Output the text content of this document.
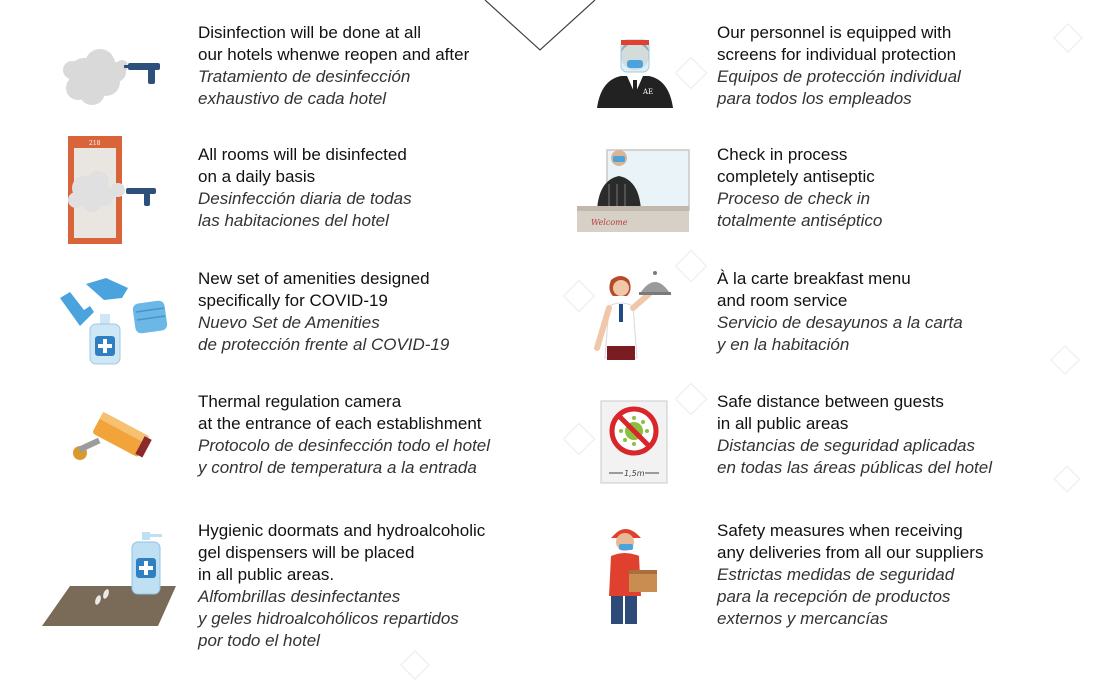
Disinfection will be done at all

our hotels whenwe reopen and after

Tratamiento de desinfección

exhaustivo de cada hotel

218

All rooms will be disinfected

on a daily basis

Desinfección diaria de todas

las habitaciones del hotel

New set of amenities designed

specifically for COVID-19

Nuevo Set de Amenities

de protección frente al COVID-19

Thermal regulation camera

at the entrance of each establishment

Protocolo de desinfección todo el hotel

y control de temperatura a la entrada

Hygienic doormats and hydroalcoholic

gel dispensers will be placed

in all public areas.

Alfombrillas desinfectantes

y geles hidroalcohólicos repartidos

por todo el hotel

AE

Our personnel is equipped with

screens for individual protection

Equipos de protección individual

para todos los empleados

Welcome

Check in process

completely antiseptic

Proceso de check in

totalmente antiséptico

À la carte breakfast menu

and room service

Servicio de desayunos a la carta

y en la habitación

1,5m

Safe distance between guests

in all public areas

Distancias de seguridad aplicadas

en todas las áreas públicas del hotel

Safety measures when receiving

any deliveries from all our suppliers

Estrictas medidas de seguridad

para la recepción de productos

externos y mercancías
